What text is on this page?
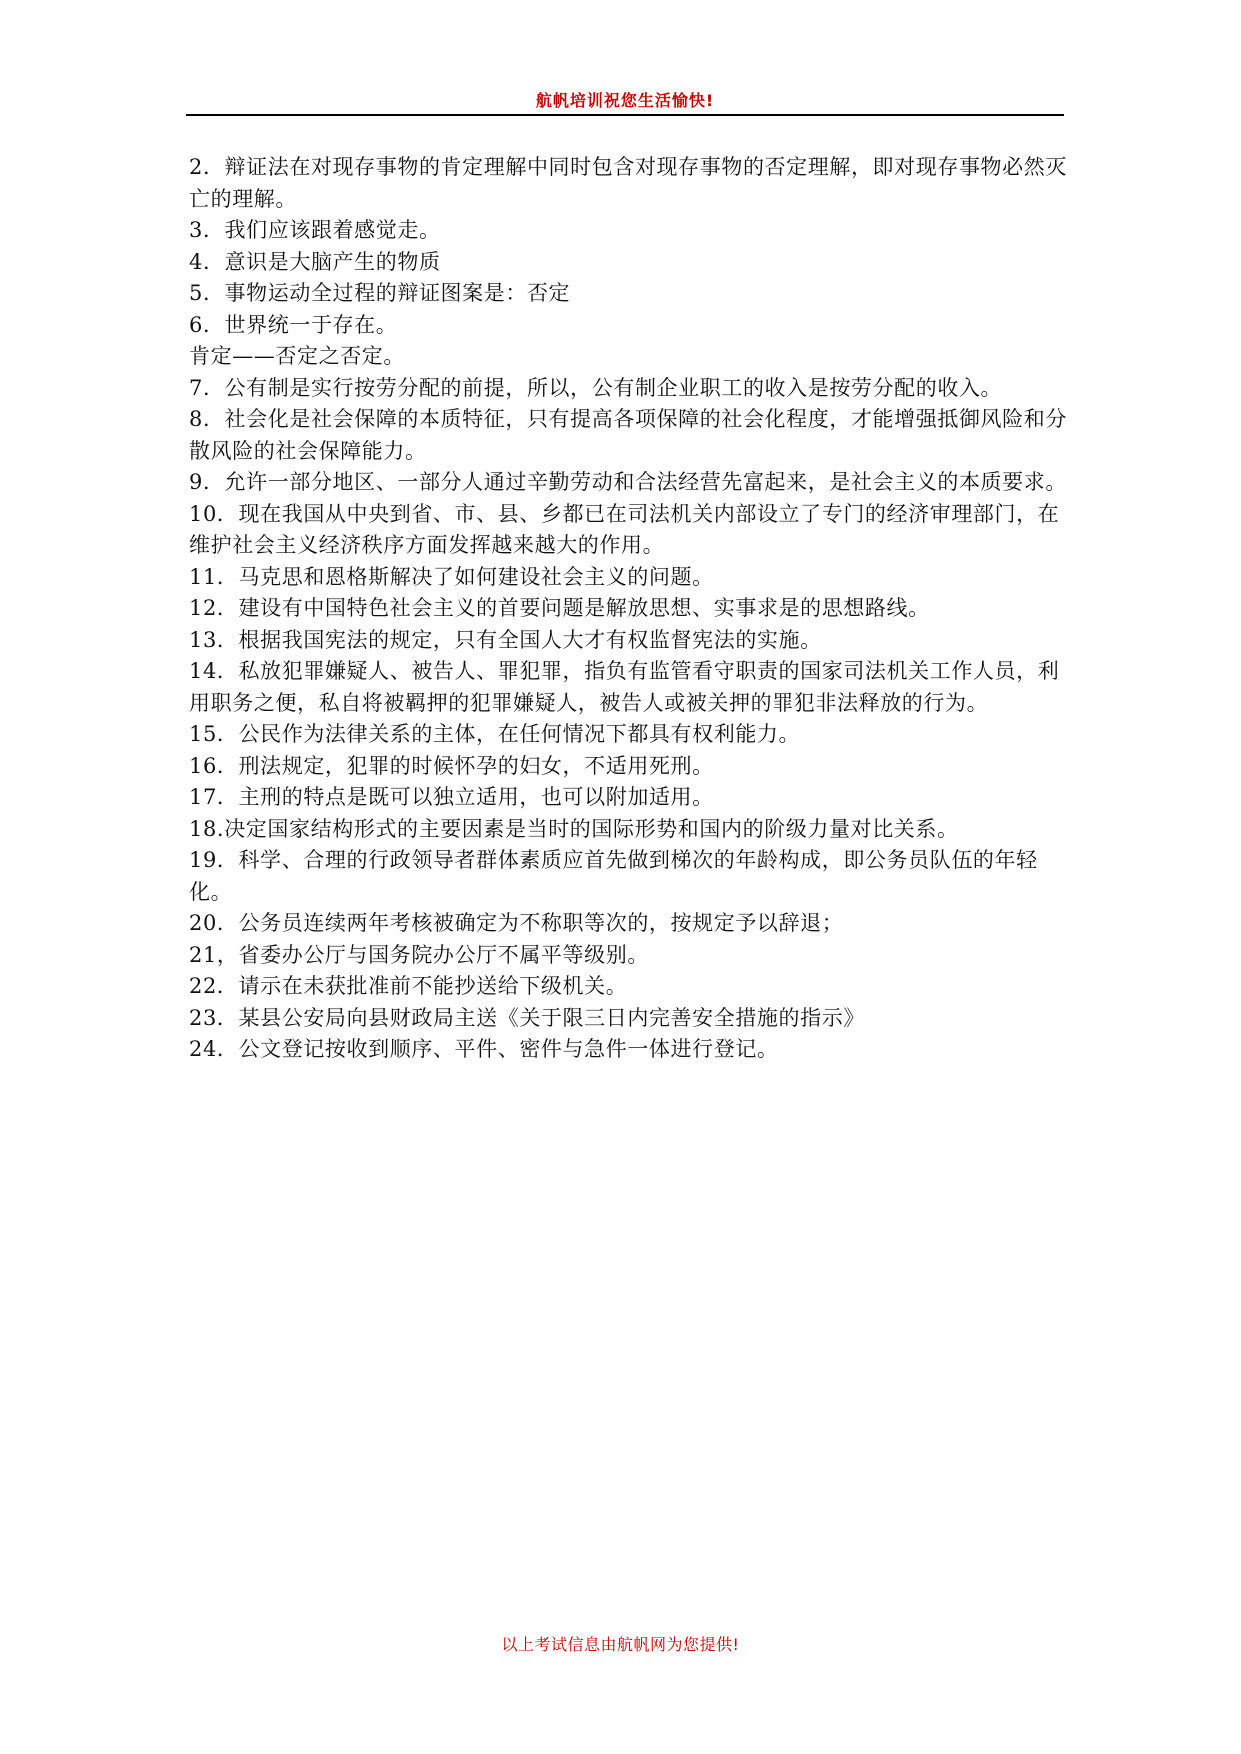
航帆培训祝您生活愉快!

2．辩证法在对现存事物的肯定理解中同时包含对现存事物的否定理解，即对现存事物必然灭亡的理解。

3．我们应该跟着感觉走。

4．意识是大脑产生的物质

5．事物运动全过程的辩证图案是：否定

6．世界统一于存在。

肯定——否定之否定。

7．公有制是实行按劳分配的前提，所以，公有制企业职工的收入是按劳分配的收入。

8．社会化是社会保障的本质特征，只有提高各项保障的社会化程度，才能增强抵御风险和分散风险的社会保障能力。

9．允许一部分地区、一部分人通过辛勤劳动和合法经营先富起来，是社会主义的本质要求。

10．现在我国从中央到省、市、县、乡都已在司法机关内部设立了专门的经济审理部门，在维护社会主义经济秩序方面发挥越来越大的作用。

11．马克思和恩格斯解决了如何建设社会主义的问题。

12．建设有中国特色社会主义的首要问题是解放思想、实事求是的思想路线。

13．根据我国宪法的规定，只有全国人大才有权监督宪法的实施。

14．私放犯罪嫌疑人、被告人、罪犯罪，指负有监管看守职责的国家司法机关工作人员，利用职务之便，私自将被羁押的犯罪嫌疑人，被告人或被关押的罪犯非法释放的行为。

15．公民作为法律关系的主体，在任何情况下都具有权利能力。

16．刑法规定，犯罪的时候怀孕的妇女，不适用死刑。

17．主刑的特点是既可以独立适用，也可以附加适用。

18.决定国家结构形式的主要因素是当时的国际形势和国内的阶级力量对比关系。

19．科学、合理的行政领导者群体素质应首先做到梯次的年龄构成，即公务员队伍的年轻化。

20．公务员连续两年考核被确定为不称职等次的，按规定予以辞退；

21，省委办公厅与国务院办公厅不属平等级别。

22．请示在未获批准前不能抄送给下级机关。

23．某县公安局向县财政局主送《关于限三日内完善安全措施的指示》

24．公文登记按收到顺序、平件、密件与急件一体进行登记。

以上考试信息由航帆网为您提供!
